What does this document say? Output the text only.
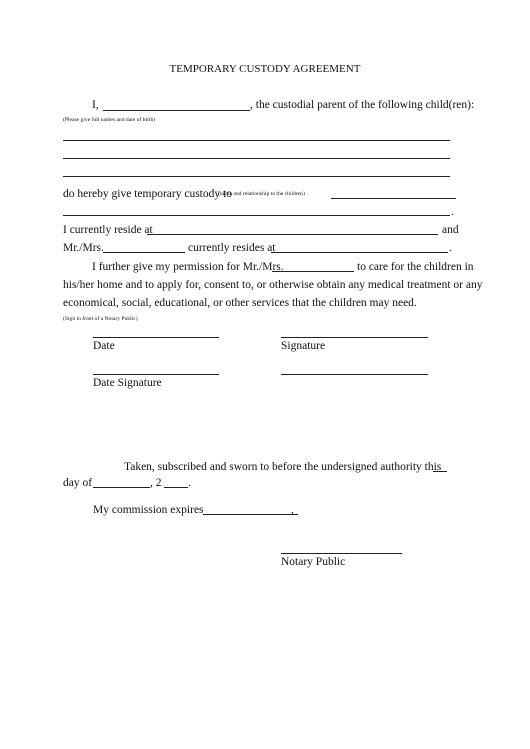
TEMPORARY CUSTODY AGREEMENT
I,	, the custodial parent of the following child(ren):
(Please give full names and date of birth)
do hereby give temporary custody to
(name and relationship to the children)
.
I currently reside at	and
Mr./Mrs.	currently resides at	.
I further give my permission for Mr./Mrs.	to care for the children in
his/her home and to apply for, consent to, or otherwise obtain any medical treatment or any
economical, social, educational, or other services that the children may need.
(Sign in front of a Notary Public)
Date	Signature
Date Signature
Taken, subscribed and sworn to before the undersigned authority this
day of	, 2 .
My commission expires	,
Notary Public
